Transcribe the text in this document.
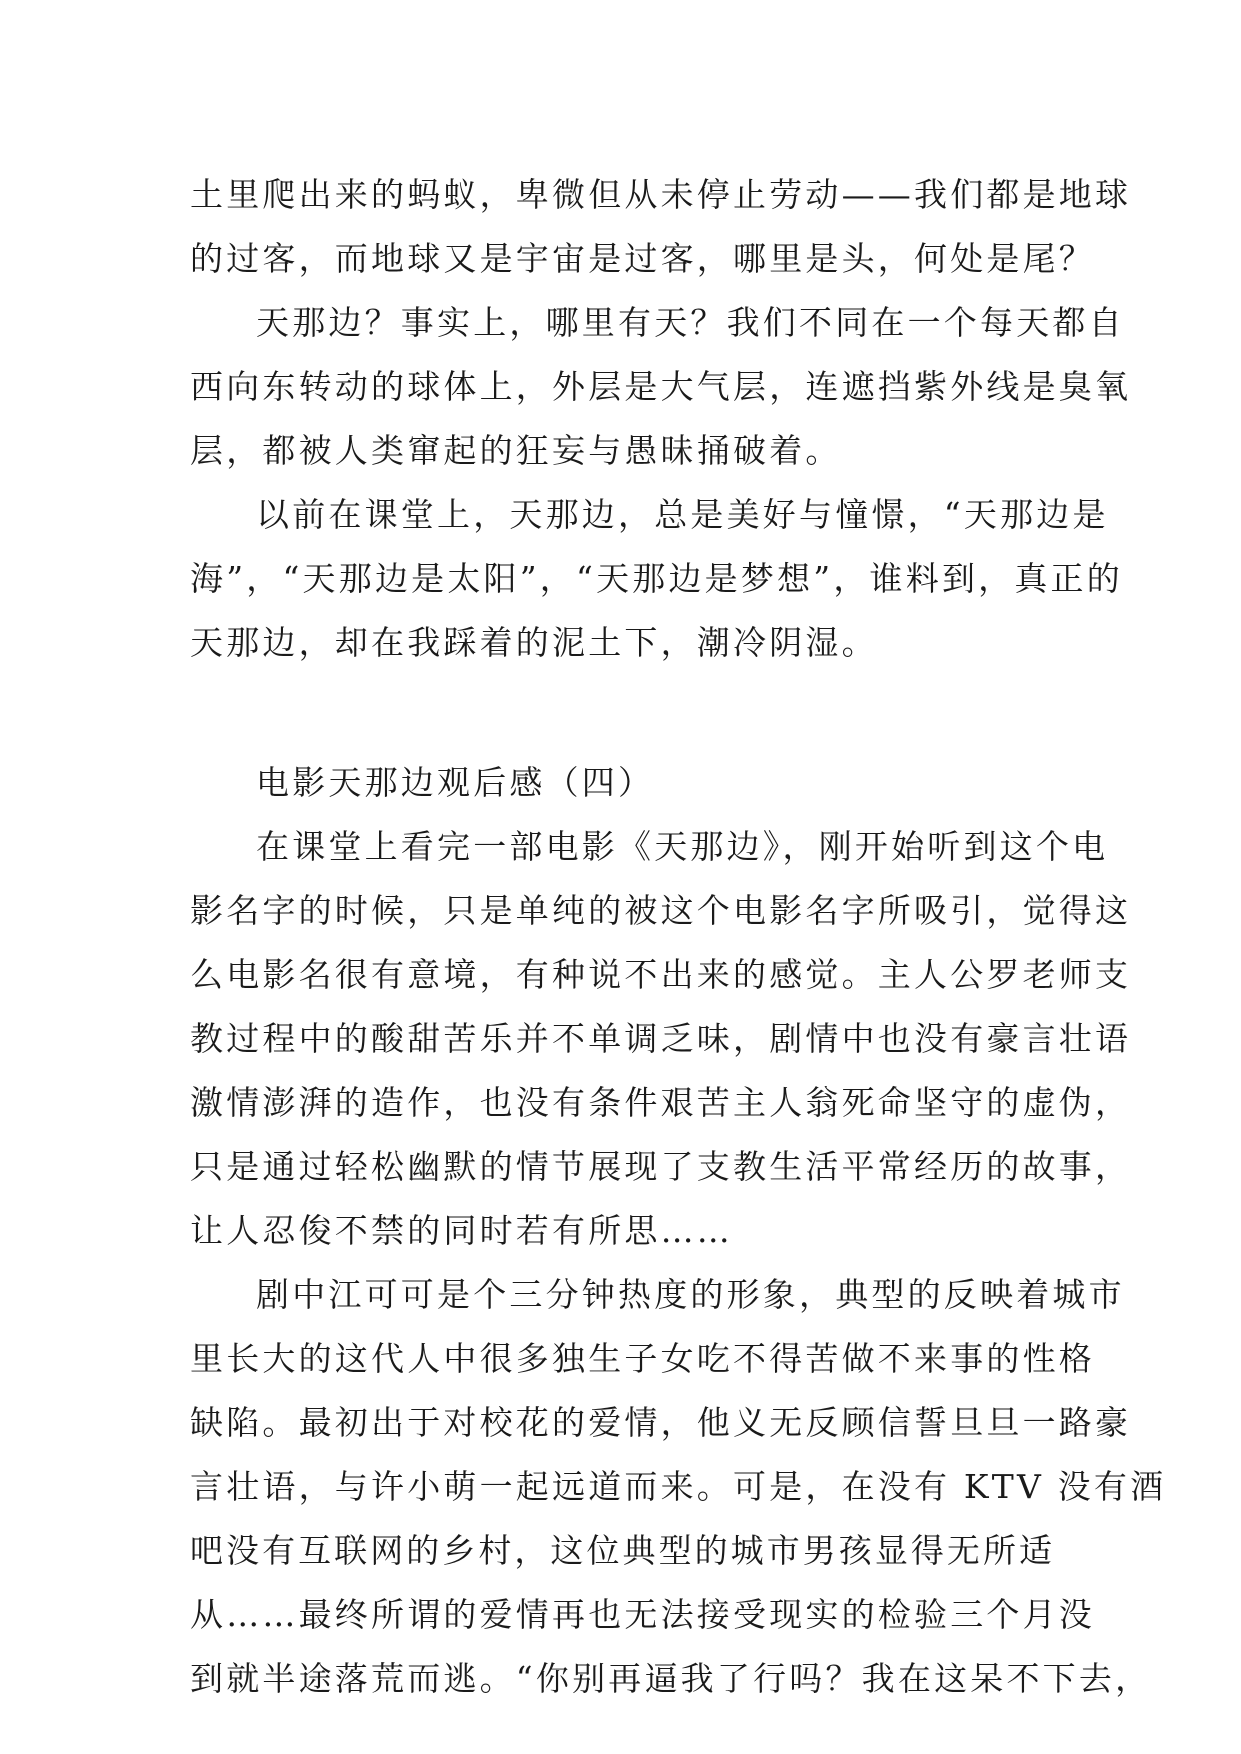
土里爬出来的蚂蚁，卑微但从未停止劳动——我们都是地球
的过客，而地球又是宇宙是过客，哪里是头，何处是尾？
天那边？事实上，哪里有天？我们不同在一个每天都自
西向东转动的球体上，外层是大气层，连遮挡紫外线是臭氧
层，都被人类窜起的狂妄与愚昧捅破着。
以前在课堂上，天那边，总是美好与憧憬，“天那边是
海”，“天那边是太阳”，“天那边是梦想”，谁料到，真正的
天那边，却在我踩着的泥土下，潮冷阴湿。
电影天那边观后感（四）
在课堂上看完一部电影《天那边》，刚开始听到这个电
影名字的时候，只是单纯的被这个电影名字所吸引，觉得这
么电影名很有意境，有种说不出来的感觉。主人公罗老师支
教过程中的酸甜苦乐并不单调乏味，剧情中也没有豪言壮语
激情澎湃的造作，也没有条件艰苦主人翁死命坚守的虚伪，
只是通过轻松幽默的情节展现了支教生活平常经历的故事，
让人忍俊不禁的同时若有所思……
剧中江可可是个三分钟热度的形象，典型的反映着城市
里长大的这代人中很多独生子女吃不得苦做不来事的性格
缺陷。最初出于对校花的爱情，他义无反顾信誓旦旦一路豪
言壮语，与许小萌一起远道而来。可是，在没有 KTV 没有酒
吧没有互联网的乡村，这位典型的城市男孩显得无所适
从……最终所谓的爱情再也无法接受现实的检验三个月没
到就半途落荒而逃。“你别再逼我了行吗？我在这呆不下去，
